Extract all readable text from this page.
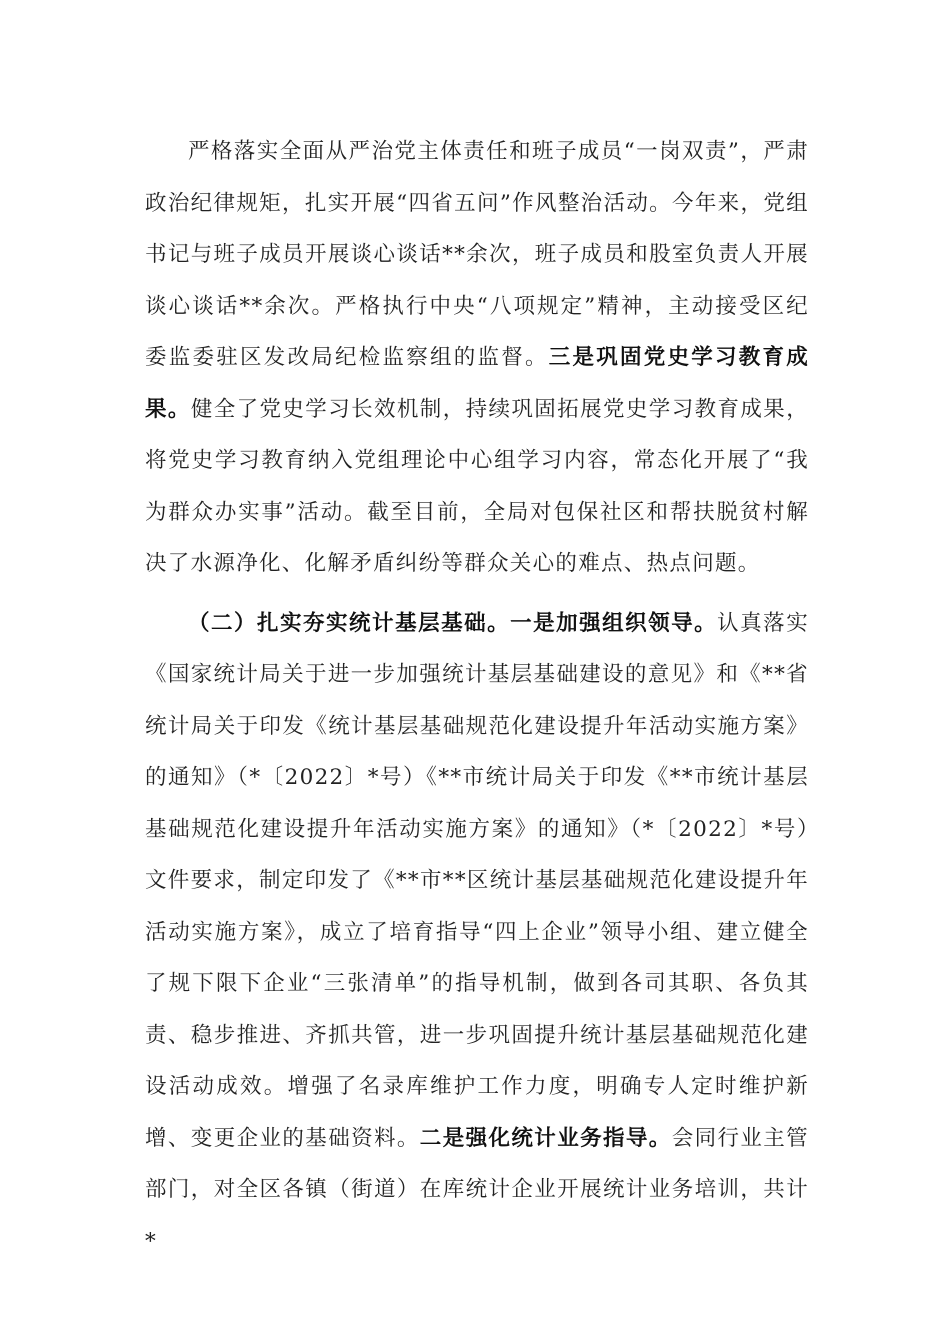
严格落实全面从严治党主体责任和班子成员“一岗双责”，严肃政治纪律规矩，扎实开展“四省五问”作风整治活动。今年来，党组书记与班子成员开展谈心谈话**余次，班子成员和股室负责人开展谈心谈话**余次。严格执行中央“八项规定”精神，主动接受区纪委监委驻区发改局纪检监察组的监督。三是巩固党史学习教育成果。健全了党史学习长效机制，持续巩固拓展党史学习教育成果，将党史学习教育纳入党组理论中心组学习内容，常态化开展了“我为群众办实事”活动。截至目前，全局对包保社区和帮扶脱贫村解决了水源净化、化解矛盾纠纷等群众关心的难点、热点问题。

（二）扎实夯实统计基层基础。一是加强组织领导。认真落实《国家统计局关于进一步加强统计基层基础建设的意见》和《**省统计局关于印发《统计基层基础规范化建设提升年活动实施方案》的通知》（*〔2022〕*号）《**市统计局关于印发《**市统计基层基础规范化建设提升年活动实施方案》的通知》（*〔2022〕*号）文件要求，制定印发了《**市**区统计基层基础规范化建设提升年活动实施方案》，成立了培育指导“四上企业”领导小组、建立健全了规下限下企业“三张清单”的指导机制，做到各司其职、各负其责、稳步推进、齐抓共管，进一步巩固提升统计基层基础规范化建设活动成效。增强了名录库维护工作力度，明确专人定时维护新增、变更企业的基础资料。二是强化统计业务指导。会同行业主管部门，对全区各镇（街道）在库统计企业开展统计业务培训，共计*
